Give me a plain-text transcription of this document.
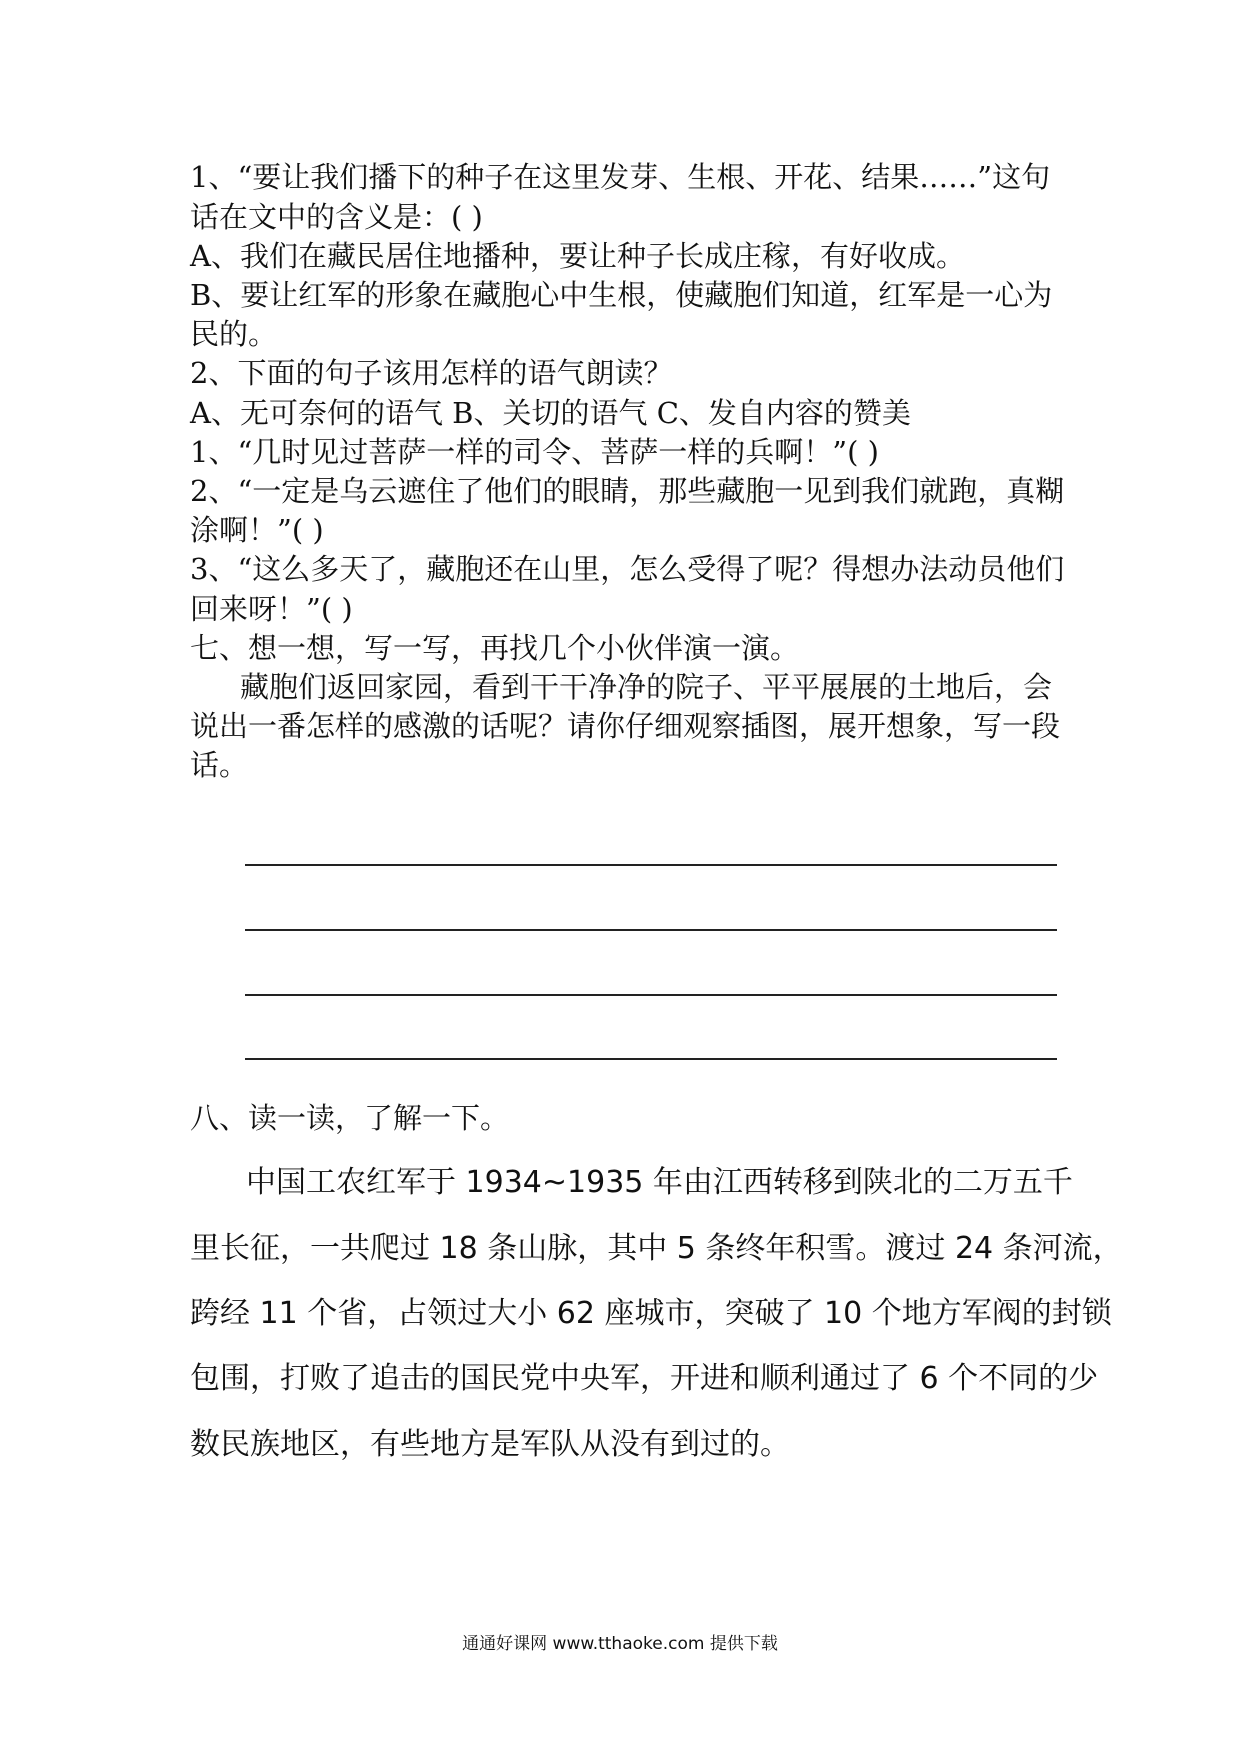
1、“要让我们播下的种子在这里发芽、生根、开花、结果……”这句
话在文中的含义是：( )
A、我们在藏民居住地播种，要让种子长成庄稼，有好收成。
B、要让红军的形象在藏胞心中生根，使藏胞们知道，红军是一心为
民的。
2、下面的句子该用怎样的语气朗读？
A、无可奈何的语气 B、关切的语气 C、发自内容的赞美
1、“几时见过菩萨一样的司令、菩萨一样的兵啊！”( )
2、“一定是乌云遮住了他们的眼睛，那些藏胞一见到我们就跑，真糊
涂啊！”( )
3、“这么多天了，藏胞还在山里，怎么受得了呢？得想办法动员他们
回来呀！”( )
七、想一想，写一写，再找几个小伙伴演一演。
藏胞们返回家园，看到干干净净的院子、平平展展的土地后，会
说出一番怎样的感激的话呢？请你仔细观察插图，展开想象，写一段
话。
八、读一读，了解一下。
中国工农红军于 1934~1935 年由江西转移到陕北的二万五千
里长征，一共爬过 18 条山脉，其中 5 条终年积雪。渡过 24 条河流，
跨经 11 个省，占领过大小 62 座城市，突破了 10 个地方军阀的封锁
包围，打败了追击的国民党中央军，开进和顺利通过了 6 个不同的少
数民族地区，有些地方是军队从没有到过的。
通通好课网 www.tthaoke.com 提供下载
